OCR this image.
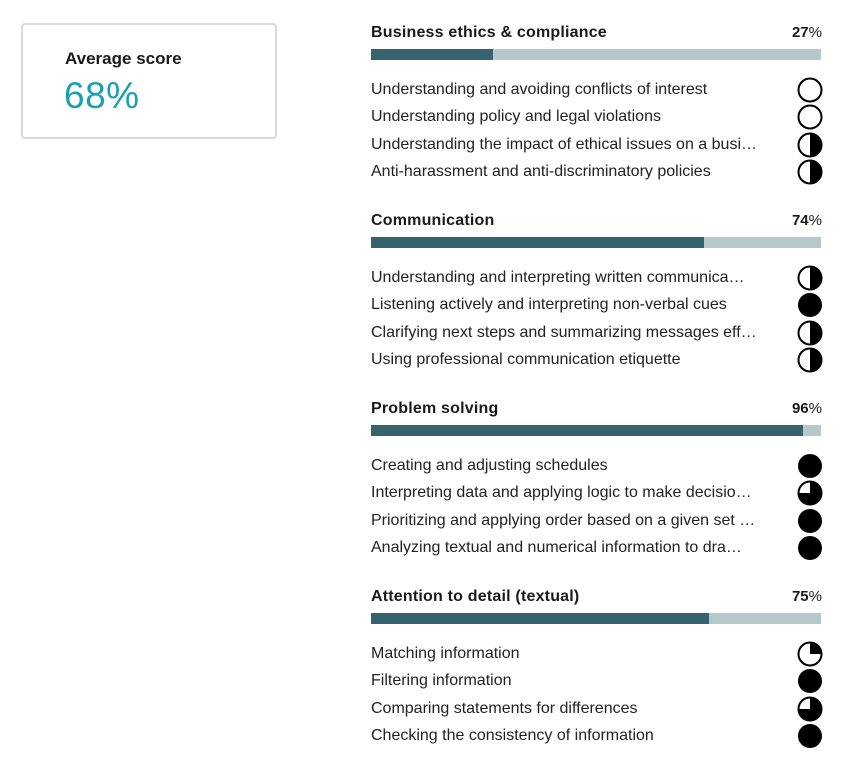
Average score
68%
Business ethics & compliance	27%
Understanding and avoiding conflicts of interest
Understanding policy and legal violations
Understanding the impact of ethical issues on a busi…
Anti-harassment and anti-discriminatory policies
Communication	74%
Understanding and interpreting written communica…
Listening actively and interpreting non-verbal cues
Clarifying next steps and summarizing messages eff…
Using professional communication etiquette
Problem solving	96%
Creating and adjusting schedules
Interpreting data and applying logic to make decisio…
Prioritizing and applying order based on a given set …
Analyzing textual and numerical information to dra…
Attention to detail (textual)	75%
Matching information
Filtering information
Comparing statements for differences
Checking the consistency of information
